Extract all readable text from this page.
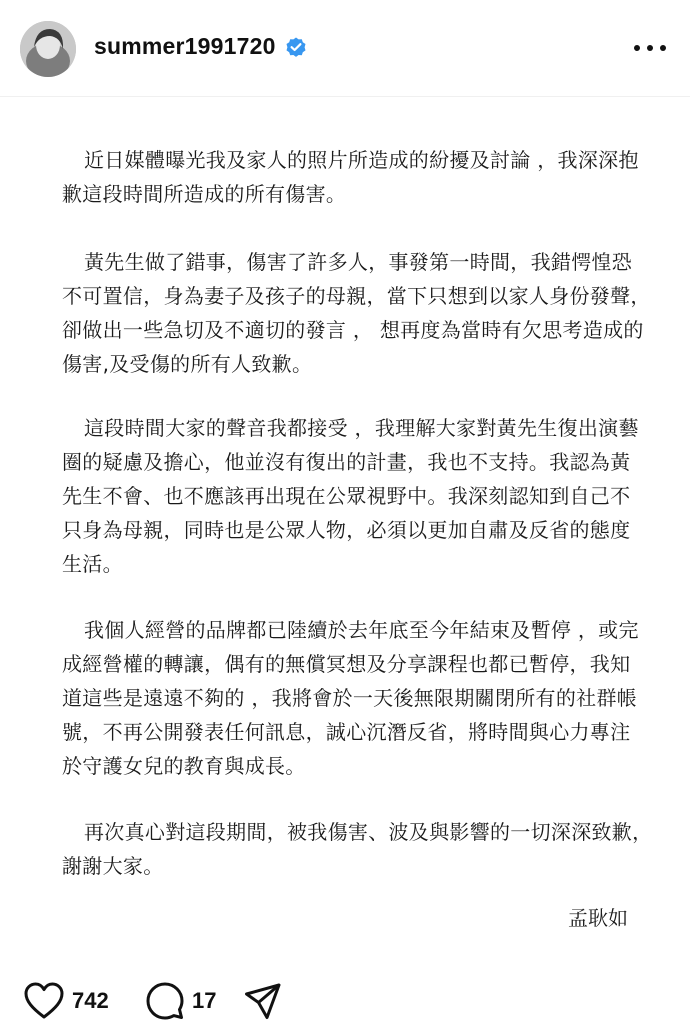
summer1991720

近日媒體曝光我及家人的照片所造成的紛擾及討論 ，我深深抱
歉這段時間所造成的所有傷害。

黃先生做了錯事，傷害了許多人，事發第一時間，我錯愕惶恐
不可置信，身為妻子及孩子的母親，當下只想到以家人身份發聲，
卻做出一些急切及不適切的發言 ， 想再度為當時有欠思考造成的
傷害,及受傷的所有人致歉。

這段時間大家的聲音我都接受 ，我理解大家對黃先生復出演藝
圈的疑慮及擔心，他並沒有復出的計畫，我也不支持。我認為黃
先生不會、也不應該再出現在公眾視野中。我深刻認知到自己不
只身為母親，同時也是公眾人物，必須以更加自肅及反省的態度
生活。

我個人經營的品牌都已陸續於去年底至今年結束及暫停 ，或完
成經營權的轉讓，偶有的無償冥想及分享課程也都已暫停，我知
道這些是遠遠不夠的 ，我將會於一天後無限期關閉所有的社群帳
號，不再公開發表任何訊息，誠心沉潛反省，將時間與心力專注
於守護女兒的教育與成長。

再次真心對這段期間，被我傷害、波及與影響的一切深深致歉，
謝謝大家。

孟耿如
742	17
